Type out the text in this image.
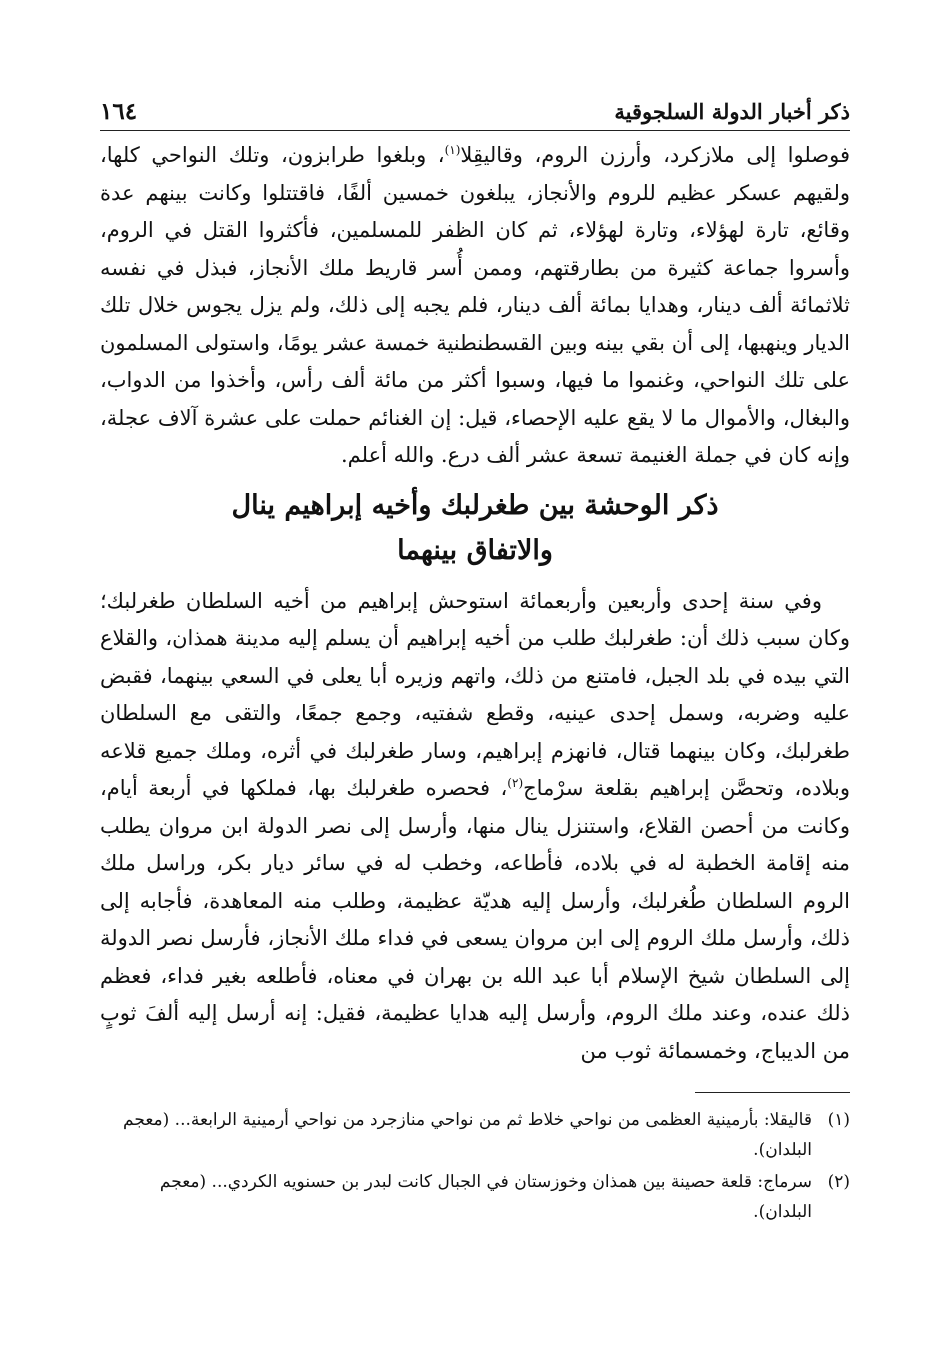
ذكر أخبار الدولة السلجوقية
١٦٤

فوصلوا إلى ملازكرد، وأرزن الروم، وقاليقِلا$^{(١)}$، وبلغوا طرابزون، وتلك النواحي كلها، ولقيهم عسكر عظيم للروم والأنجاز، يبلغون خمسين ألفًا، فاقتتلوا وكانت بينهم عدة وقائع، تارة لهؤلاء، وتارة لهؤلاء، ثم كان الظفر للمسلمين، فأكثروا القتل في الروم، وأسروا جماعة كثيرة من بطارقتهم، وممن أُسر قاريط ملك الأنجاز، فبذل في نفسه ثلاثمائة ألف دينار، وهدايا بمائة ألف دينار، فلم يجبه إلى ذلك، ولم يزل يجوس خلال تلك الديار وينهبها، إلى أن بقي بينه وبين القسطنطنية خمسة عشر يومًا، واستولى المسلمون على تلك النواحي، وغنموا ما فيها، وسبوا أكثر من مائة ألف رأس، وأخذوا من الدواب، والبغال، والأموال ما لا يقع عليه الإحصاء، قيل: إن الغنائم حملت على عشرة آلاف عجلة، وإنه كان في جملة الغنيمة تسعة عشر ألف درع. والله أعلم.

ذكر الوحشة بين طغرلبك وأخيه إبراهيم ينال
والاتفاق بينهما

وفي سنة إحدى وأربعين وأربعمائة استوحش إبراهيم من أخيه السلطان طغرلبك؛ وكان سبب ذلك أن: طغرلبك طلب من أخيه إبراهيم أن يسلم إليه مدينة همذان، والقلاع التي بيده في بلد الجبل، فامتنع من ذلك، واتهم وزيره أبا يعلى في السعي بينهما، فقبض عليه وضربه، وسمل إحدى عينيه، وقطع شفتيه، وجمع جمعًا، والتقى مع السلطان طغرلبك، وكان بينهما قتال، فانهزم إبراهيم، وسار طغرلبك في أثره، وملك جميع قلاعه وبلاده، وتحصَّن إبراهيم بقلعة سرْماج$^{(٢)}$، فحصره طغرلبك بها، فملكها في أربعة أيام، وكانت من أحصن القلاع، واستنزل ينال منها، وأرسل إلى نصر الدولة ابن مروان يطلب منه إقامة الخطبة له في بلاده، فأطاعه، وخطب له في سائر ديار بكر، وراسل ملك الروم السلطان طُغرلبك، وأرسل إليه هديّة عظيمة، وطلب منه المعاهدة، فأجابه إلى ذلك، وأرسل ملك الروم إلى ابن مروان يسعى في فداء ملك الأنجاز، فأرسل نصر الدولة إلى السلطان شيخ الإسلام أبا عبد الله بن بهران في معناه، فأطلعه بغير فداء، فعظم ذلك عنده، وعند ملك الروم، وأرسل إليه هدايا عظيمة، فقيل: إنه أرسل إليه ألفَ ثوبٍ من الديباج، وخمسمائة ثوب من

(١)
قاليقلا: بأرمينية العظمى من نواحي خلاط ثم من نواحي منازجرد من نواحي أرمينية الرابعة... (معجم البلدان).
(٢)
سرماج: قلعة حصينة بين همذان وخوزستان في الجبال كانت لبدر بن حسنويه الكردي... (معجم البلدان).
